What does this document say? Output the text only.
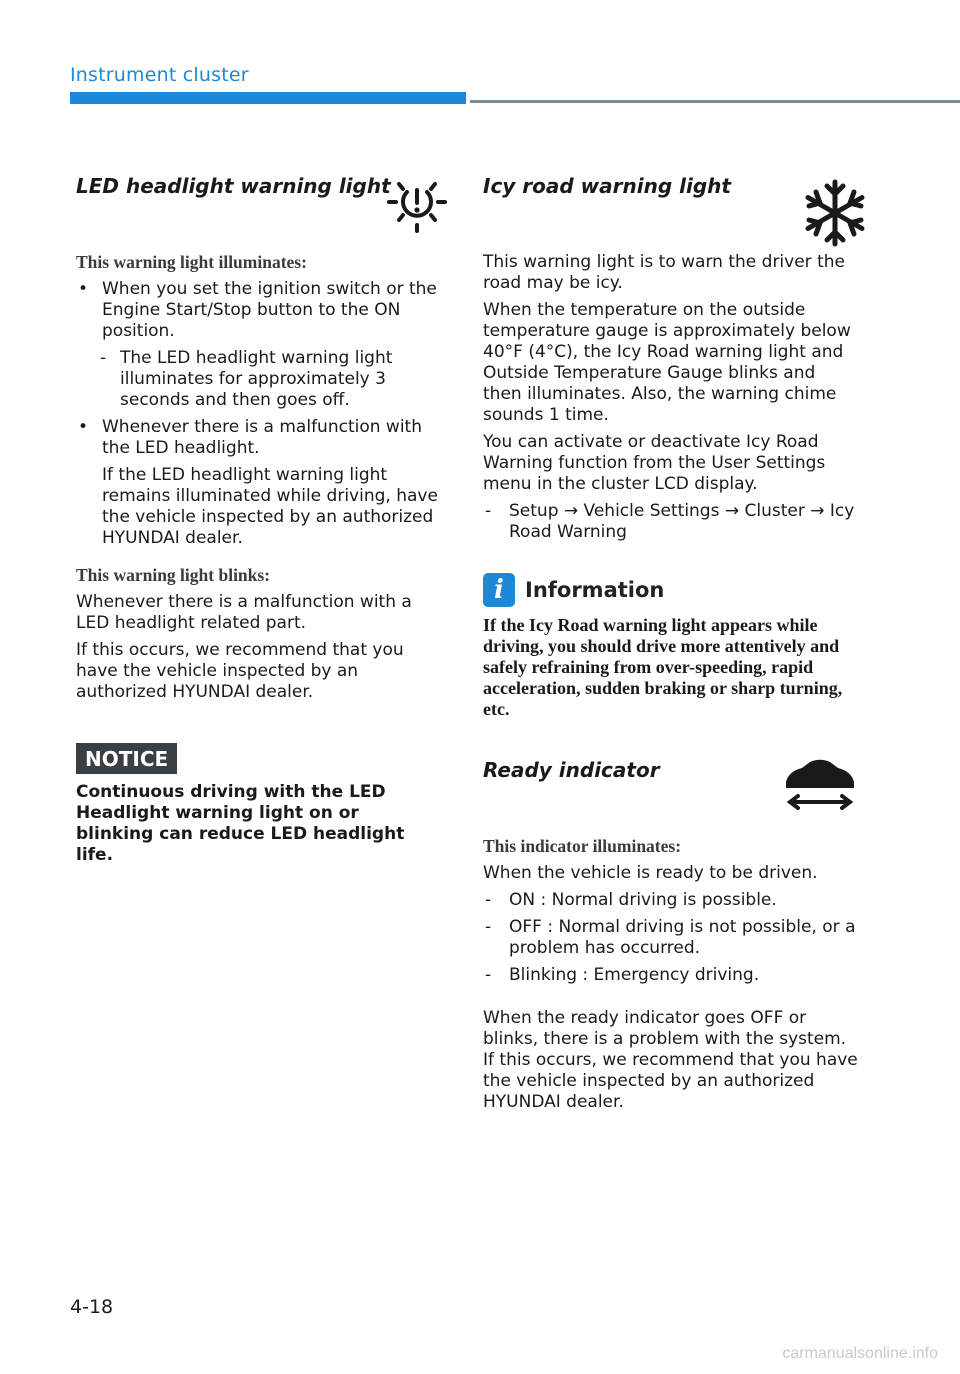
Instrument cluster
LED headlight warning light
This warning light illuminates:

• When you set the ignition switch or the Engine Start/Stop button to the ON position.

- The LED headlight warning light illuminates for approximately 3 seconds and then goes off.

• Whenever there is a malfunction with the LED headlight.

If the LED headlight warning light remains illuminated while driving, have the vehicle inspected by an authorized HYUNDAI dealer.

This warning light blinks:

Whenever there is a malfunction with a LED headlight related part.

If this occurs, we recommend that you have the vehicle inspected by an authorized HYUNDAI dealer.

NOTICE
Continuous driving with the LED Headlight warning light on or blinking can reduce LED headlight life.
Icy road warning light

This warning light is to warn the driver the road may be icy.

When the temperature on the outside temperature gauge is approximately below 40°F (4°C), the Icy Road warning light and Outside Temperature Gauge blinks and then illuminates. Also, the warning chime sounds 1 time.

You can activate or deactivate Icy Road Warning function from the User Settings menu in the cluster LCD display.

- Setup → Vehicle Settings → Cluster → Icy Road Warning

i	Information
If the Icy Road warning light appears while driving, you should drive more attentively and safely refraining from over-speeding, rapid acceleration, sudden braking or sharp turning, etc.
Ready indicator
This indicator illuminates:

When the vehicle is ready to be driven.

- ON : Normal driving is possible.

- OFF : Normal driving is not possible, or a problem has occurred.

- Blinking : Emergency driving.

When the ready indicator goes OFF or blinks, there is a problem with the system. If this occurs, we recommend that you have the vehicle inspected by an authorized HYUNDAI dealer.

4-18
carmanualsonline.info
